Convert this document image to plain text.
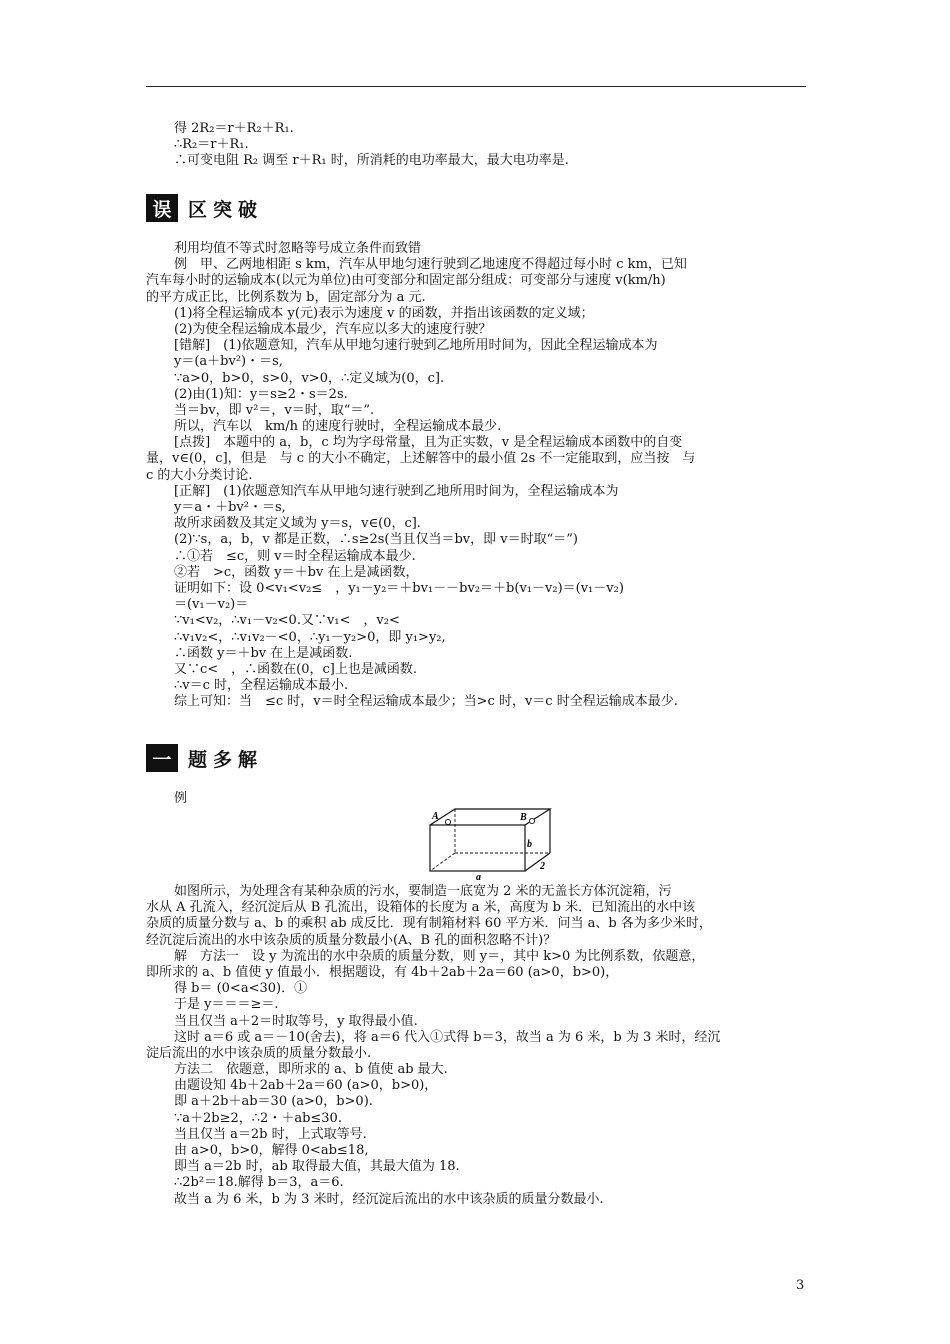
得 2R₂＝r＋R₂＋R₁.
∴R₂＝r＋R₁.
∴可变电阻 R₂ 调至 r＋R₁ 时，所消耗的电功率最大，最大电功率是.
误 区突破
利用均值不等式时忽略等号成立条件而致错
例　甲、乙两地相距 s km，汽车从甲地匀速行驶到乙地速度不得超过每小时 c km，已知
汽车每小时的运输成本(以元为单位)由可变部分和固定部分组成：可变部分与速度 v(km/h)
的平方成正比，比例系数为 b，固定部分为 a 元.
(1)将全程运输成本 y(元)表示为速度 v 的函数，并指出该函数的定义域；
(2)为使全程运输成本最少，汽车应以多大的速度行驶？
[错解]　(1)依题意知，汽车从甲地匀速行驶到乙地所用时间为，因此全程运输成本为
y＝(a＋bv²)・＝s,
∵a>0，b>0，s>0，v>0，∴定义域为(0，c].
(2)由(1)知：y＝s≥2・s＝2s.
当＝bv，即 v²＝，v＝时，取“＝”.
所以，汽车以　km/h 的速度行驶时，全程运输成本最少.
[点拨]　本题中的 a，b，c 均为字母常量，且为正实数，v 是全程运输成本函数中的自变
量，v∈(0，c]，但是　与 c 的大小不确定，上述解答中的最小值 2s 不一定能取到，应当按　与
c 的大小分类讨论.
[正解]　(1)依题意知汽车从甲地匀速行驶到乙地所用时间为，全程运输成本为
y＝a・＋bv²・＝s,
故所求函数及其定义域为 y＝s，v∈(0，c].
(2)∵s，a，b，v 都是正数，∴s≥2s(当且仅当＝bv，即 v＝时取“＝”)
∴①若　≤c，则 v＝时全程运输成本最少.
②若　>c，函数 y＝＋bv 在上是减函数，
证明如下：设 0<v₁<v₂≤　，y₁－y₂＝＋bv₁－－bv₂＝＋b(v₁－v₂)＝(v₁－v₂)
＝(v₁－v₂)＝
∵v₁<v₂，∴v₁－v₂<0.又∵v₁<　，v₂<
∴v₁v₂<，∴v₁v₂－<0，∴y₁－y₂>0，即 y₁>y₂,
∴函数 y＝＋bv 在上是减函数.
又∵c<　，∴函数在(0，c]上也是减函数.
∴v＝c 时，全程运输成本最小.
综上可知：当　≤c 时，v＝时全程运输成本最少；当>c 时，v＝c 时全程运输成本最少.
一 题多解
例
A	B
b
2
a
如图所示，为处理含有某种杂质的污水，要制造一底宽为 2 米的无盖长方体沉淀箱，污
水从 A 孔流入，经沉淀后从 B 孔流出，设箱体的长度为 a 米，高度为 b 米．已知流出的水中该
杂质的质量分数与 a、b 的乘积 ab 成反比．现有制箱材料 60 平方米．问当 a、b 各为多少米时，
经沉淀后流出的水中该杂质的质量分数最小(A、B 孔的面积忽略不计)？
解　方法一　设 y 为流出的水中杂质的质量分数，则 y＝，其中 k>0 为比例系数，依题意，
即所求的 a、b 值使 y 值最小．根据题设，有 4b＋2ab＋2a＝60 (a>0，b>0)，
得 b＝ (0<a<30)．①
于是 y＝＝＝≥＝.
当且仅当 a＋2＝时取等号，y 取得最小值.
这时 a＝6 或 a＝－10(舍去)，将 a＝6 代入①式得 b＝3，故当 a 为 6 米，b 为 3 米时，经沉
淀后流出的水中该杂质的质量分数最小.
方法二　依题意，即所求的 a、b 值使 ab 最大.
由题设知 4b＋2ab＋2a＝60 (a>0，b>0)，
即 a＋2b＋ab＝30 (a>0，b>0).
∵a＋2b≥2，∴2・＋ab≤30.
当且仅当 a＝2b 时，上式取等号.
由 a>0，b>0，解得 0<ab≤18,
即当 a＝2b 时，ab 取得最大值，其最大值为 18.
∴2b²＝18.解得 b＝3，a＝6.
故当 a 为 6 米，b 为 3 米时，经沉淀后流出的水中该杂质的质量分数最小.
3
